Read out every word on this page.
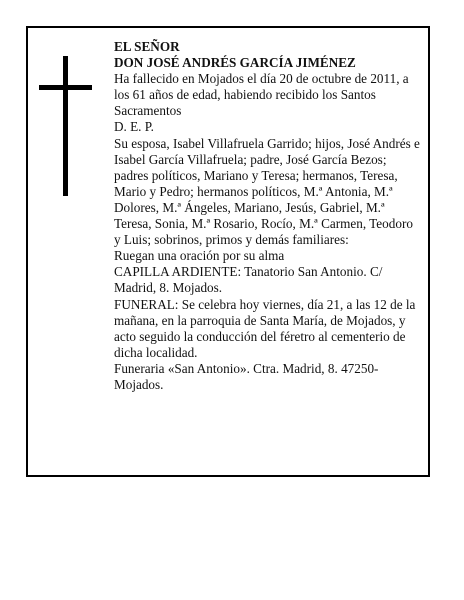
EL SEÑOR

DON JOSÉ ANDRÉS GARCÍA JIMÉNEZ

Ha fallecido en Mojados el día 20 de octubre de 2011, a los 61 años de edad, habiendo recibido los Santos Sacramentos

D. E. P.

Su esposa, Isabel Villafruela Garrido; hijos, José Andrés e Isabel García Villafruela; padre, José García Bezos; padres políticos, Mariano y Teresa; hermanos, Teresa, Mario y Pedro; hermanos políticos, M.ª Antonia, M.ª Dolores, M.ª Ángeles, Mariano, Jesús, Gabriel, M.ª Teresa, Sonia, M.ª Rosario, Rocío, M.ª Carmen, Teodoro y Luis; sobrinos, primos y demás familiares:

Ruegan una oración por su alma

CAPILLA ARDIENTE: Tanatorio San Antonio. C/ Madrid, 8. Mojados.

FUNERAL: Se celebra hoy viernes, día 21, a las 12 de la mañana, en la parroquia de Santa María, de Mojados, y acto seguido la conducción del féretro al cementerio de dicha localidad.

Funeraria «San Antonio». Ctra. Madrid, 8. 47250-Mojados.
